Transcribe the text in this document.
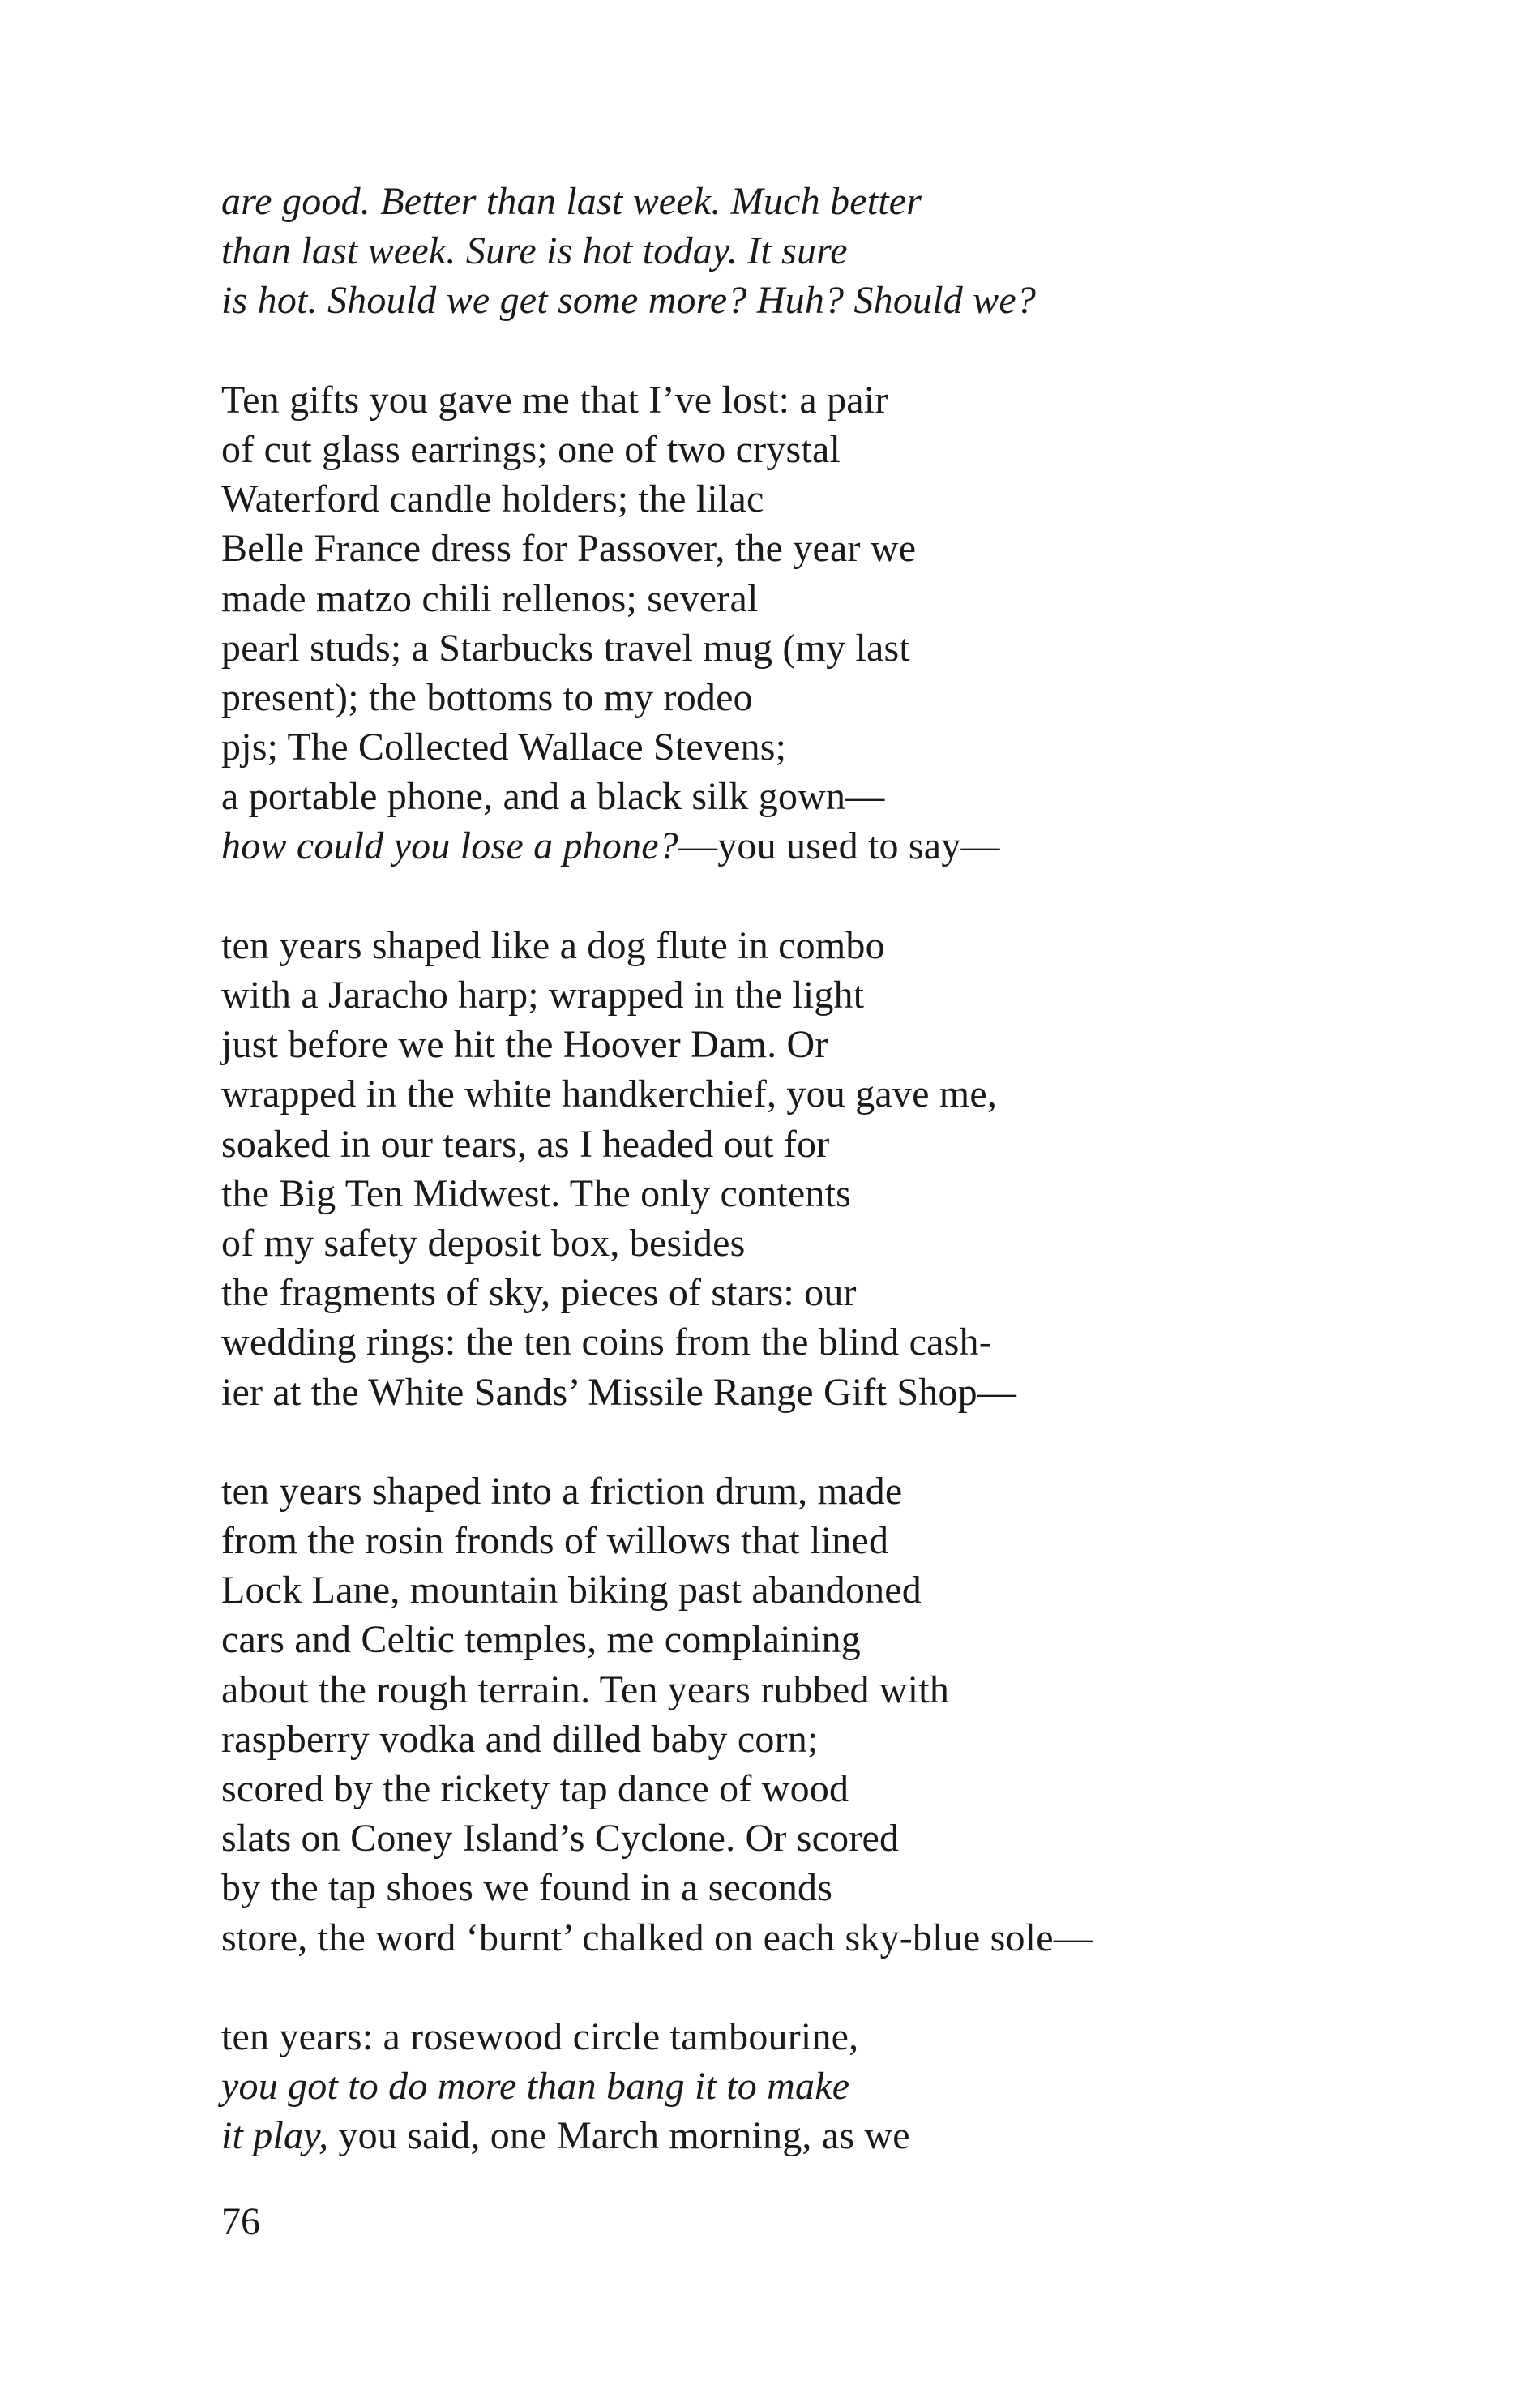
are good. Better than last week. Much better
than last week. Sure is hot today. It sure
is hot. Should we get some more? Huh? Should we?
Ten gifts you gave me that I’ve lost: a pair
of cut glass earrings; one of two crystal
Waterford candle holders; the lilac
Belle France dress for Passover, the year we
made matzo chili rellenos; several
pearl studs; a Starbucks travel mug (my last
present); the bottoms to my rodeo
pjs; The Collected Wallace Stevens;
a portable phone, and a black silk gown—
how could you lose a phone?—you used to say—
ten years shaped like a dog flute in combo
with a Jaracho harp; wrapped in the light
just before we hit the Hoover Dam. Or
wrapped in the white handkerchief, you gave me,
soaked in our tears, as I headed out for
the Big Ten Midwest. The only contents
of my safety deposit box, besides
the fragments of sky, pieces of stars: our
wedding rings: the ten coins from the blind cash-
ier at the White Sands’ Missile Range Gift Shop—
ten years shaped into a friction drum, made
from the rosin fronds of willows that lined
Lock Lane, mountain biking past abandoned
cars and Celtic temples, me complaining
about the rough terrain. Ten years rubbed with
raspberry vodka and dilled baby corn;
scored by the rickety tap dance of wood
slats on Coney Island’s Cyclone. Or scored
by the tap shoes we found in a seconds
store, the word ‘burnt’ chalked on each sky-blue sole—
ten years: a rosewood circle tambourine,
you got to do more than bang it to make
it play, you said, one March morning, as we
76
